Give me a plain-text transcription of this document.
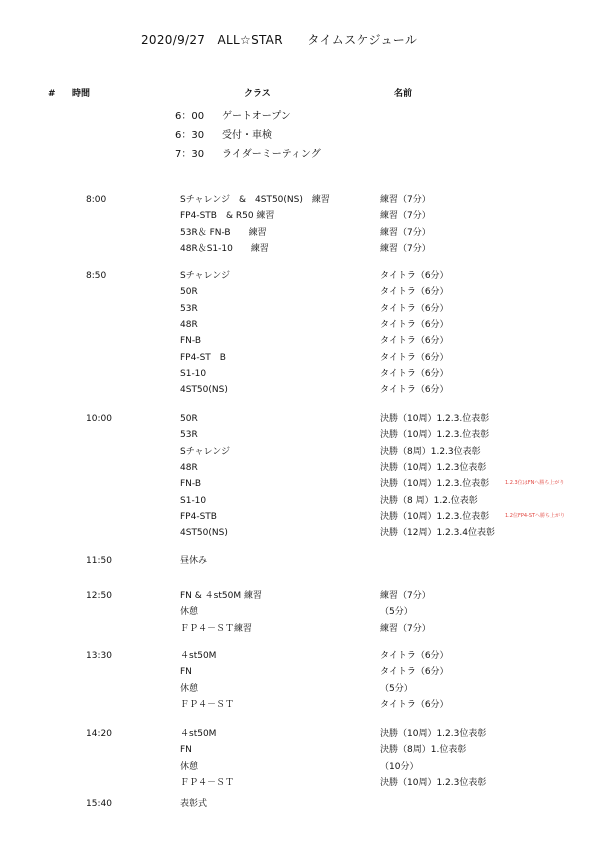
2020/9/27　ALL☆STAR　　タイムスケジュール
# 時間	クラス	名前
6：00 ゲートオープン
6：30 受付・車検
7：30 ライダーミーティング
8:00	Sチャレンジ　&　4ST50(NS)　練習	練習（7分）
FP4-STB　& R50 練習	練習（7分）
53R＆ FN-B　　練習	練習（7分）
48R＆S1-10　　練習	練習（7分）
8:50	Sチャレンジ	タイトラ（6分）
50R	タイトラ（6分）
53R	タイトラ（6分）
48R	タイトラ（6分）
FN-B	タイトラ（6分）
FP4-ST　B	タイトラ（6分）
S1-10	タイトラ（6分）
4ST50(NS)	タイトラ（6分）
10:00	50R	決勝（10周）1.2.3.位表彰
53R	決勝（10周）1.2.3.位表彰
Sチャレンジ	決勝（8周）1.2.3位表彰
48R	決勝（10周）1.2.3位表彰
FN-B	決勝（10周）1.2.3.位表彰	1.2.3位はFNへ勝ち上がり
S1-10	決勝（8 周）1.2.位表彰
FP4-STB	決勝（10周）1.2.3.位表彰	1.2位FP4-STへ勝ち上がり
4ST50(NS)	決勝（12周）1.2.3.4位表彰
11:50	昼休み
12:50	FN & ４st50M 練習	練習（7分）
休憩	（5分）
ＦＰ４－ＳＴ練習	練習（7分）
13:30	４st50M	タイトラ（6分）
FN	タイトラ（6分）
休憩	（5分）
ＦＰ４－ＳＴ	タイトラ（6分）
14:20	４st50M	決勝（10周）1.2.3位表彰
FN	決勝（8周）1.位表彰
休憩	（10分）
ＦＰ４－ＳＴ	決勝（10周）1.2.3位表彰
15:40	表彰式
